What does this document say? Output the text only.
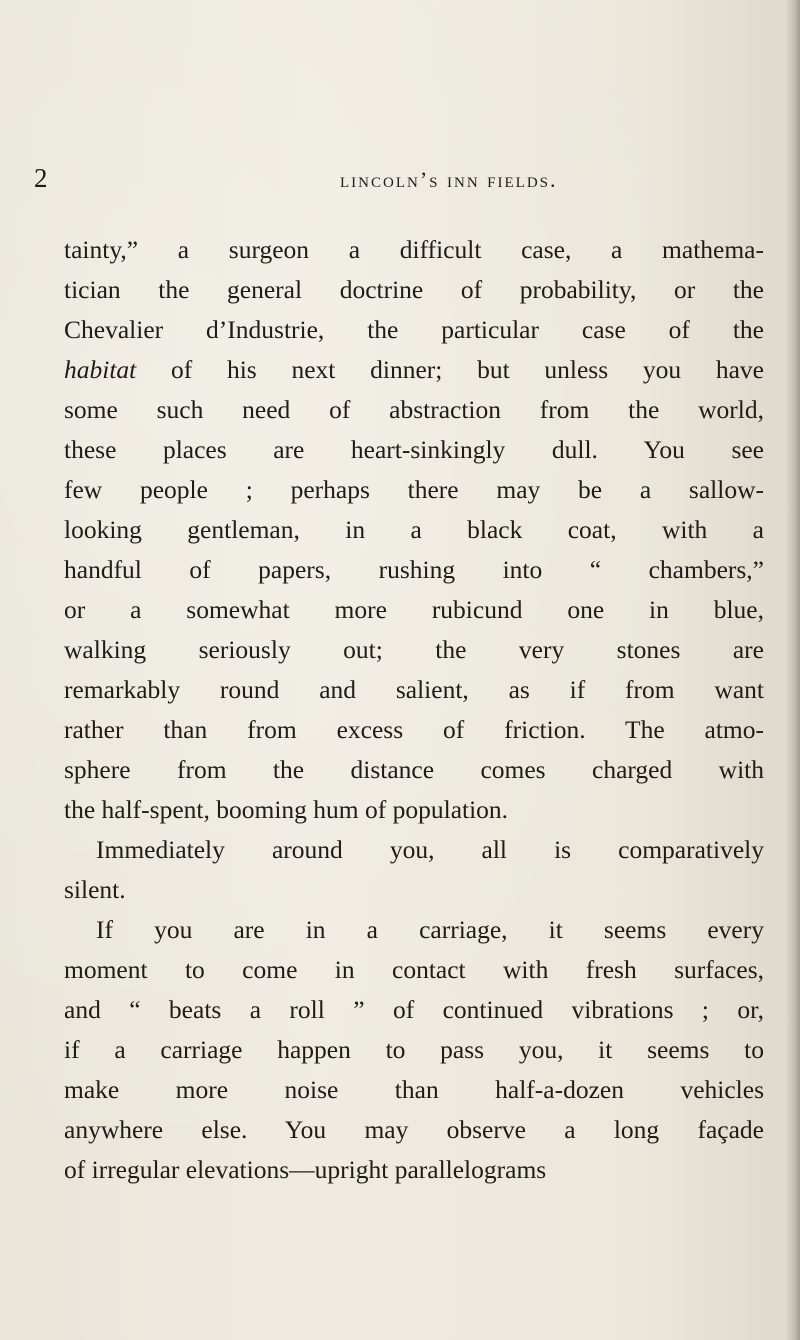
2	lincoln’s inn fields.
tainty,” a surgeon a difficult case, a mathema-
tician the general doctrine of probability, or the
Chevalier d’Industrie, the particular case of the
habitat of his next dinner; but unless you have
some such need of abstraction from the world,
these places are heart-sinkingly dull. You see
few people ; perhaps there may be a sallow-
looking gentleman, in a black coat, with a
handful of papers, rushing into “ chambers,”
or a somewhat more rubicund one in blue,
walking seriously out; the very stones are
remarkably round and salient, as if from want
rather than from excess of friction. The atmo-
sphere from the distance comes charged with
the half-spent, booming hum of population.
Immediately around you, all is comparatively
silent.
If you are in a carriage, it seems every
moment to come in contact with fresh surfaces,
and “ beats a roll ” of continued vibrations ; or,
if a carriage happen to pass you, it seems to
make more noise than half-a-dozen vehicles
anywhere else. You may observe a long façade
of irregular elevations—upright parallelograms
